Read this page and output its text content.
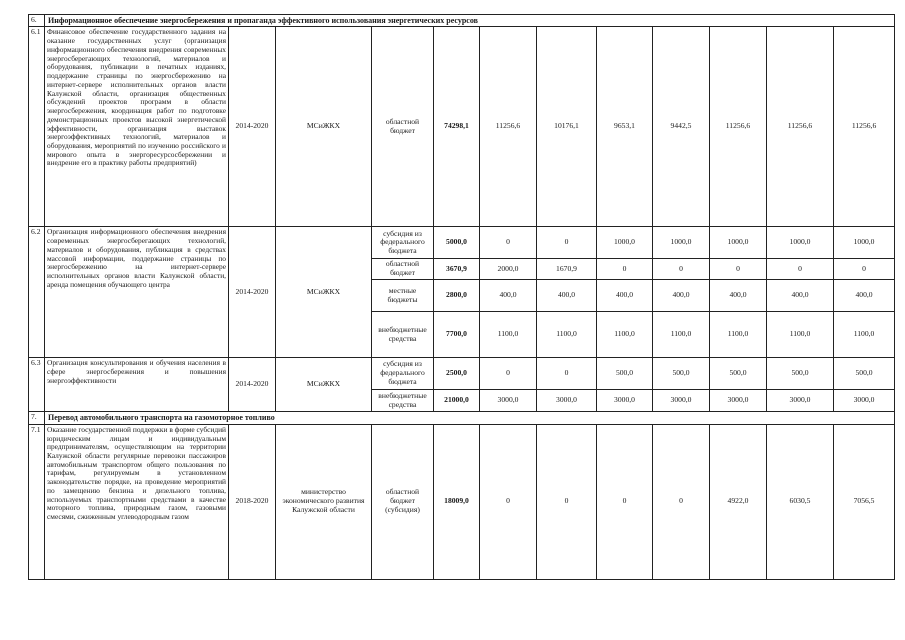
6.	Информационное обеспечение энергосбережения и пропаганда эффективного использования энергетических ресурсов											
6.1	Финансовое обеспечение государственного задания на оказание государственных услуг (организация информационного обеспечения внедрения современных энергосберегающих технологий, материалов и оборудования, публикации в печатных изданиях, поддержание страницы по энергосбережению на интернет-сервере исполнительных органов власти Калужской области, организация общественных обсуждений проектов программ в области энергосбережения, координация работ по подготовке демонстрационных проектов высокой энергетической эффективности, организация выставок энергоэффективных технологий, материалов и оборудования, мероприятий по изучению российского и мирового опыта в энергоресурсосбережении и внедрение его в практику работы предприятий)	2014-2020	МСиЖКХ	областной бюджет	74298,1	11256,6	10176,1	9653,1	9442,5	11256,6	11256,6	11256,6
6.2	Организация информационного обеспечения внедрения современных энергосберегающих технологий, материалов и оборудования, публикация в средствах массовой информации, поддержание страницы по энергосбережению на интернет-сервере исполнительных органов власти Калужской области, аренда помещения обучающего центра	2014-2020	МСиЖКХ	субсидия из федерального бюджета	5000,0	0	0	1000,0	1000,0	1000,0	1000,0	1000,0
				областной бюджет	3670,9	2000,0	1670,9	0	0	0	0	0
				местные бюджеты	2800,0	400,0	400,0	400,0	400,0	400,0	400,0	400,0
				внебюджетные средства	7700,0	1100,0	1100,0	1100,0	1100,0	1100,0	1100,0	1100,0
6.3	Организация консультирования и обучения населения в сфере энергосбережения и повышения энергоэффективности	2014-2020	МСиЖКХ	субсидия из федерального бюджета	2500,0	0	0	500,0	500,0	500,0	500,0	500,0
				внебюджетные средства	21000,0	3000,0	3000,0	3000,0	3000,0	3000,0	3000,0	3000,0
7.	Перевод автомобильного транспорта на газомоторное топливо											
7.1	Оказание государственной поддержки в форме субсидий юридическим лицам и индивидуальным предпринимателям, осуществляющим на территории Калужской области регулярные перевозки пассажиров автомобильным транспортом общего пользования по тарифам, регулируемым в установленном законодательстве порядке, на проведение мероприятий по замещению бензина и дизельного топлива, используемых транспортными средствами в качестве моторного топлива, природным газом, газовыми смесями, сжиженным углеводородным газом	2018-2020	министерство экономического развития Калужской области	областной бюджет (субсидия)	18009,0	0	0	0	0	4922,0	6030,5	7056,5
